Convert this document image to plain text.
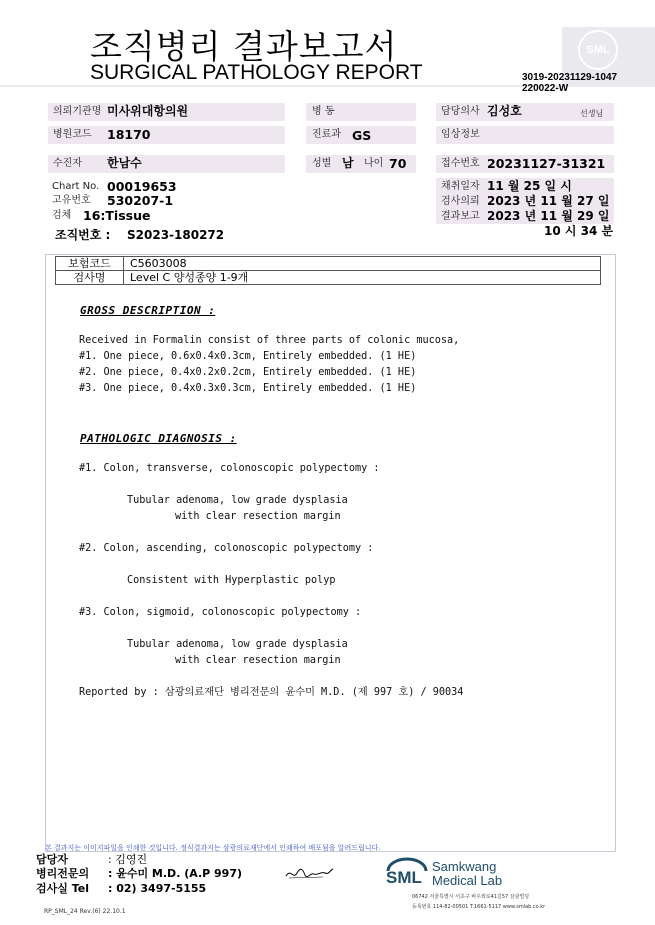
조직병리 결과보고서
SURGICAL PATHOLOGY REPORT
SML
3019-20231129-1047
220022-W
의뢰기관명 미사위대항의원
병원코드 18170
수진자 한남수
Chart No. 00019653
고유번호 530207-1
검체 16:Tissue
조직번호 : S2023-180272
병 동
진료과 GS
성별 남 나이 70
담당의사 김성호	선생님
임상정보
접수번호 20231127-31321
채취일자 11 월 25 일 시
검사의뢰 2023 년 11 월 27 일
결과보고 2023 년 11 월 29 일
10 시 34 분
보험코드	C5603008
검사명	Level C 양성종양 1-9개
GROSS DESCRIPTION :
Received in Formalin consist of three parts of colonic mucosa,
#1. One piece, 0.6x0.4x0.3cm, Entirely embedded. (1 HE)
#2. One piece, 0.4x0.2x0.2cm, Entirely embedded. (1 HE)
#3. One piece, 0.4x0.3x0.3cm, Entirely embedded. (1 HE)
PATHOLOGIC DIAGNOSIS :
#1. Colon, transverse, colonoscopic polypectomy :
Tubular adenoma, low grade dysplasia
with clear resection margin
#2. Colon, ascending, colonoscopic polypectomy :
Consistent with Hyperplastic polyp
#3. Colon, sigmoid, colonoscopic polypectomy :
Tubular adenoma, low grade dysplasia
with clear resection margin
Reported by : 삼광의료재단 병리전문의 윤수미 M.D. (제 997 호) / 90034
본 결과지는 이미지파일을 인쇄한 것입니다. 정식결과지는 삼광의료재단에서 인쇄하여 배포됨을 알려드립니다.
담당자	: 김영진
병리전문의 : 윤수미 M.D. (A.P 997)
검사실 Tel : 02) 3497-5155
RP_SML_24 Rev.(6) 22.10.1
SML
Samkwang
Medical Lab
06742 서울특별시 서초구 바우뫼로41길57 삼광빌딩
등록번호 114-82-00501 T.1661-5117 www.smlab.co.kr
